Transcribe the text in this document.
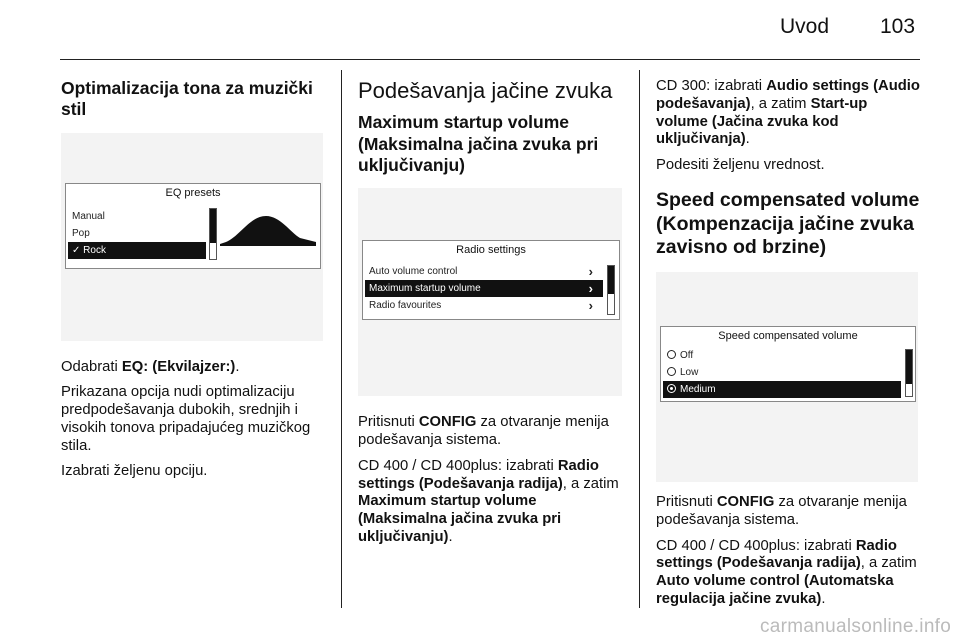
Uvod 103
Optimalizacija tona za muzički stil
EQ presets
Manual
Pop
✓ Rock

Odabrati EQ: (Ekvilajzer:).

Prikazana opcija nudi optimalizaciju predpodešavanja dubokih, srednjih i visokih tonova pripadajućeg muzičkog stila.

Izabrati željenu opciju.

Podešavanja jačine zvuka
Maximum startup volume (Maksimalna jačina zvuka pri uključivanju)
Radio settings
Auto volume control	›
Maximum startup volume	›
Radio favourites	›

Pritisnuti CONFIG za otvaranje menija podešavanja sistema.

CD 400 / CD 400plus: izabrati Radio settings (Podešavanja radija), a zatim Maximum startup volume (Maksimalna jačina zvuka pri uključivanju).

CD 300: izabrati Audio settings (Audio podešavanja), a zatim Start-up volume (Jačina zvuka kod uključivanja).

Podesiti željenu vrednost.

Speed compensated volume (Kompenzacija jačine zvuka zavisno od brzine)
Speed compensated volume
Off
Low
Medium

Pritisnuti CONFIG za otvaranje menija podešavanja sistema.

CD 400 / CD 400plus: izabrati Radio settings (Podešavanja radija), a zatim Auto volume control (Automatska regulacija jačine zvuka).

carmanualsonline.info
